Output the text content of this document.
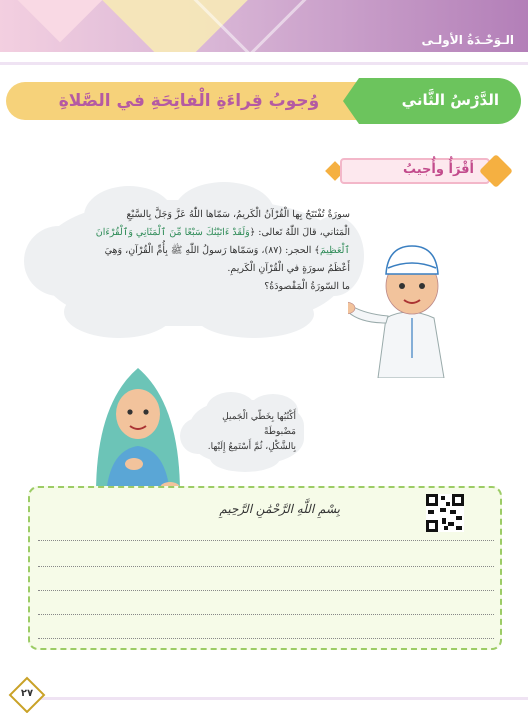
الـوَحْـدَةُ الأولـى
وُجوبُ قِراءَةِ الْفاتِحَةِ في الصَّلاةِ	الدَّرْسُ الثَّاني
أقْرَأُ وأُجيبُ
سورَةٌ تُفْتَتَحُ بِها الْقُرْآنُ الْكَريمُ، سَمّاها اللّٰهُ عَزَّ وَجَلَّ بِالسَّبْعِ
الْمَثاني، قالَ اللّٰهُ تَعالى: ﴿وَلَقَدْ ءَاتَيْنَٰكَ سَبْعًا مِّنَ ٱلْمَثَانِي وَٱلْقُرْءَانَ
ٱلْعَظِيمَ﴾ الحجر: (٨٧)، وَسَمّاها رَسولُ اللّٰهِ ﷺ بِأُمِّ الْقُرْآنِ، وَهِيَ
أَعْظَمُ سورَةٍ في الْقُرْآنِ الْكَريمِ.
ما السّورَةُ الْمَقْصودَةُ؟
أَكْتُبُها بِخَطّي الْجَميلِ مَضْبوطَةً
بِالشَّكْلِ، ثُمَّ أَسْتَمِعُ إِلَيْها.
بِسْمِ اللَّهِ الرَّحْمَٰنِ الرَّحِيمِ
٢٧
